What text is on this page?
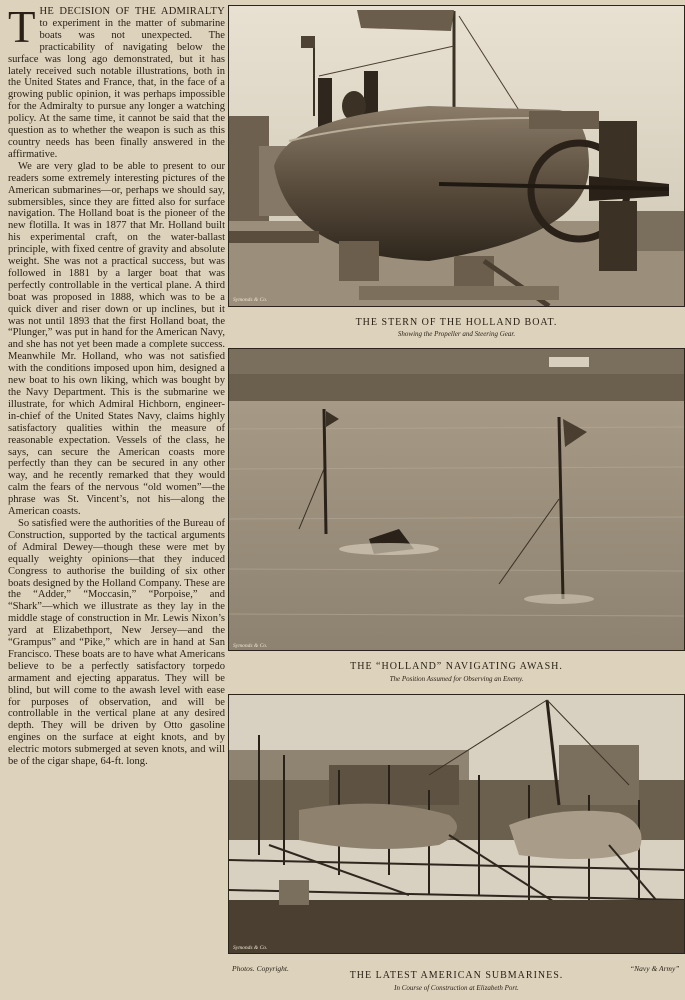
THE DECISION OF THE ADMIRALTY to experiment in the matter of submarine boats was not unexpected. The practicability of navigating below the surface was long ago demonstrated, but it has lately received such notable illustrations, both in the United States and France, that, in the face of a growing public opinion, it was perhaps impossible for the Admiralty to pursue any longer a watching policy. At the same time, it cannot be said that the question as to whether the weapon is such as this country needs has been finally answered in the affirmative.

We are very glad to be able to present to our readers some extremely interesting pictures of the American submarines—or, perhaps we should say, submersibles, since they are fitted also for surface navigation. The Holland boat is the pioneer of the new flotilla. It was in 1877 that Mr. Holland built his experimental craft, on the water-ballast principle, with fixed centre of gravity and absolute weight. She was not a practical success, but was followed in 1881 by a larger boat that was perfectly controllable in the vertical plane. A third boat was proposed in 1888, which was to be a quick diver and riser down or up inclines, but it was not until 1893 that the first Holland boat, the “Plunger,” was put in hand for the American Navy, and she has not yet been made a complete success. Meanwhile Mr. Holland, who was not satisfied with the conditions imposed upon him, designed a new boat to his own liking, which was bought by the Navy Department. This is the submarine we illustrate, for which Admiral Hichborn, engineer-in-chief of the United States Navy, claims highly satisfactory qualities within the measure of reasonable expectation. Vessels of the class, he says, can secure the American coasts more perfectly than they can be secured in any other way, and he recently remarked that they would calm the fears of the nervous “old women”—the phrase was St. Vincent’s, not his—along the American coasts.

So satisfied were the authorities of the Bureau of Construction, supported by the tactical arguments of Admiral Dewey—though these were met by equally weighty opinions—that they induced Congress to authorise the building of six other boats designed by the Holland Company. These are the “Adder,” “Moccasin,” “Porpoise,” and “Shark”—which we illustrate as they lay in the middle stage of construction in Mr. Lewis Nixon’s yard at Elizabethport, New Jersey—and the “Grampus” and “Pike,” which are in hand at San Francisco. These boats are to have what Americans believe to be a perfectly satisfactory torpedo armament and ejecting apparatus. They will be blind, but will come to the awash level with ease for purposes of observation, and will be controllable in the vertical plane at any desired depth. They will be driven by Otto gasoline engines on the surface at eight knots, and by electric motors submerged at seven knots, and will be of the cigar shape, 64-ft. long.

Symonds & Co.
THE STERN OF THE HOLLAND BOAT.
Showing the Propeller and Steering Gear.
Symonds & Co.
THE “HOLLAND” NAVIGATING AWASH.
The Position Assumed for Observing an Enemy.
Symonds & Co.
Photos. Copyright.	“Navy & Army”
THE LATEST AMERICAN SUBMARINES.
In Course of Construction at Elizabeth Port.
